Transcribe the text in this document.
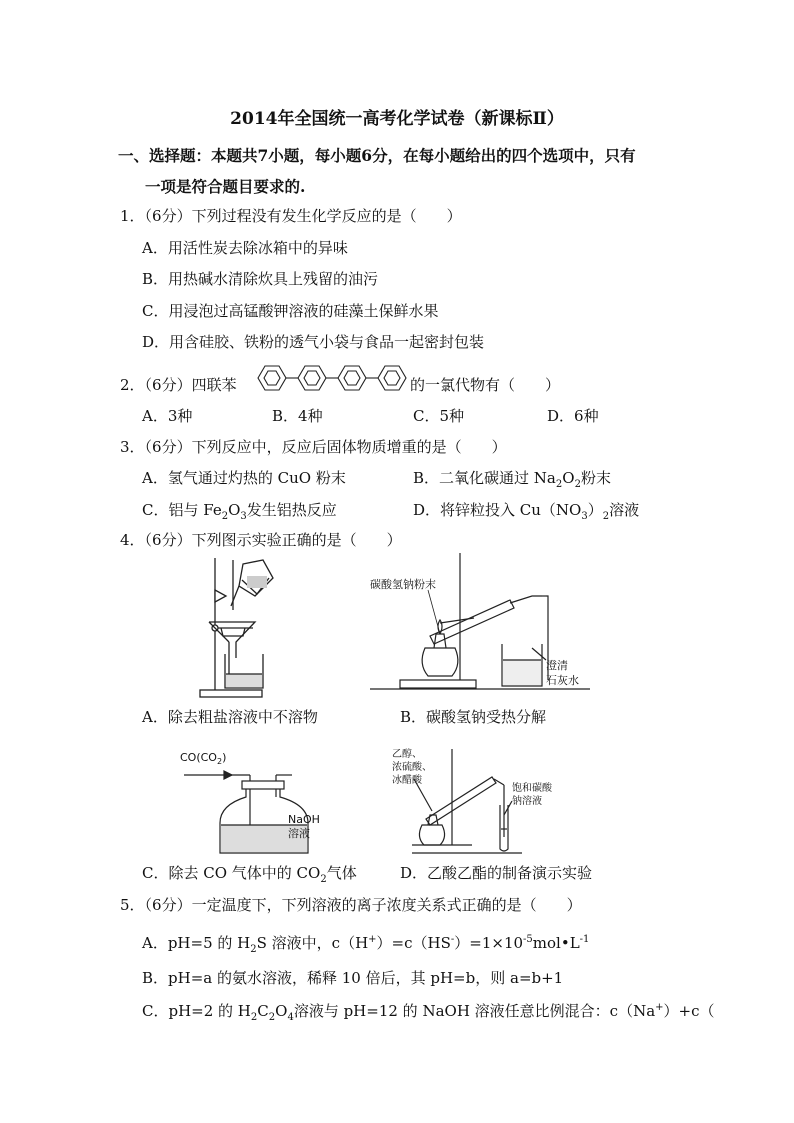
2014年全国统一高考化学试卷（新课标Ⅱ）
一、选择题：本题共7小题，每小题6分，在每小题给出的四个选项中，只有
一项是符合题目要求的.
1．（6分）下列过程没有发生化学反应的是（　　）
A．用活性炭去除冰箱中的异味
B．用热碱水清除炊具上残留的油污
C．用浸泡过高锰酸钾溶液的硅藻土保鲜水果
D．用含硅胶、铁粉的透气小袋与食品一起密封包装
2．（6分）四联苯	的一氯代物有（　　）
A．3种	B．4种	C．5种	D．6种
3．（6分）下列反应中，反应后固体物质增重的是（　　）
A．氢气通过灼热的 CuO 粉末	B．二氧化碳通过 $Na_2O_2$粉末
C．铝与 $Fe_2O_3$发生铝热反应	D．将锌粒投入 $Cu(NO_3)_2$溶液
4．（6分）下列图示实验正确的是（　　）
碳酸氢钠粉末
澄清
石灰水
A．除去粗盐溶液中不溶物	B．碳酸氢钠受热分解
$CO(CO_2)$
NaOH
溶液
乙醇、
浓硫酸、
冰醋酸
饱和碳酸
钠溶液
C．除去 CO 气体中的 $CO_2$气体	D．乙酸乙酯的制备演示实验
5．（6分）一定温度下，下列溶液的离子浓度关系式正确的是（　　）
A．pH=5 的 $H_2S$ 溶液中，$c(H^+)=c(HS^-)=1\times 10^{-5}mol•L^{-1}$
B．pH=a 的氨水溶液，稀释 10 倍后，其 pH=b，则 a=b+1
C．pH=2 的 $H_2C_2O_4$溶液与 pH=12 的 NaOH 溶液任意比例混合：c（Na+）+c（
